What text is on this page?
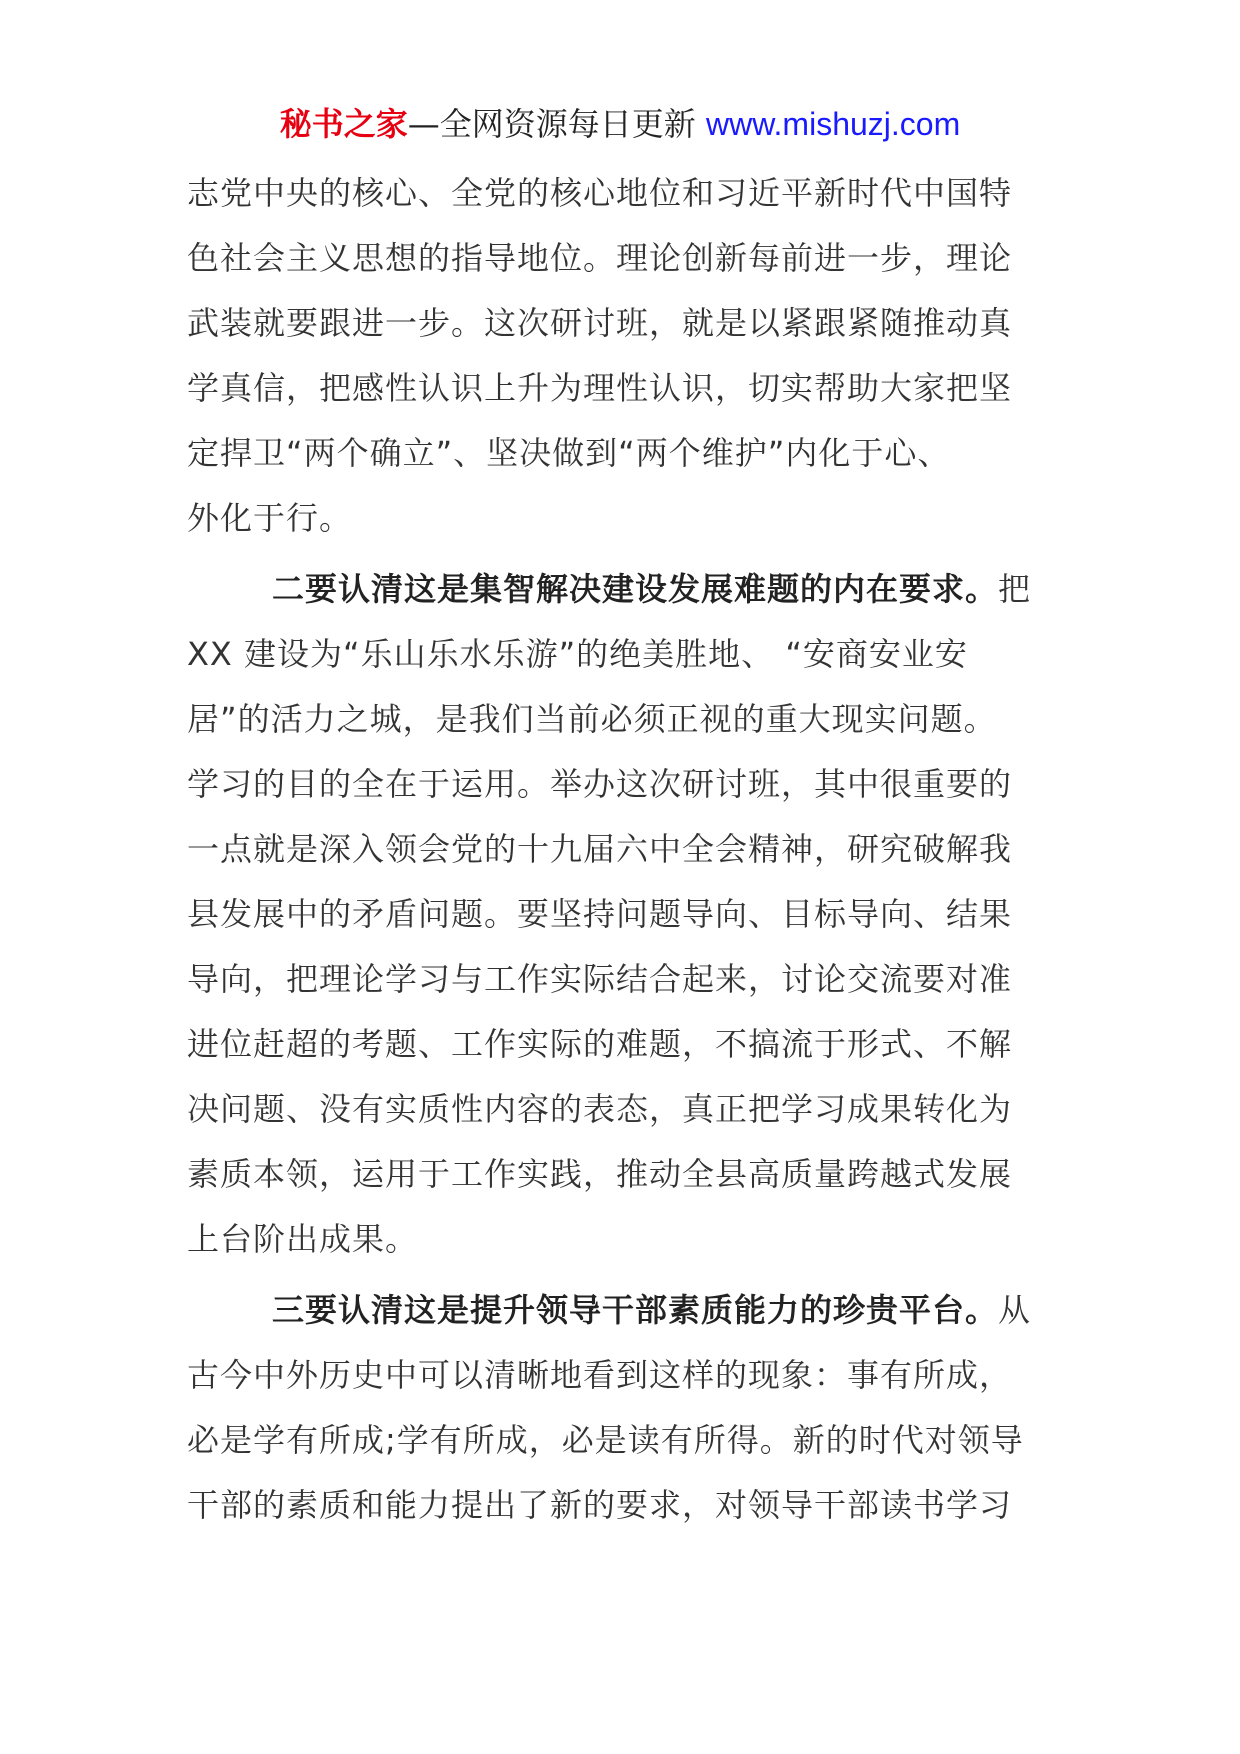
秘书之家—全网资源每日更新 www.mishuzj.com
志党中央的核心、全党的核心地位和习近平新时代中国特
色社会主义思想的指导地位。理论创新每前进一步，理论
武装就要跟进一步。这次研讨班，就是以紧跟紧随推动真
学真信，把感性认识上升为理性认识，切实帮助大家把坚
定捍卫“两个确立”、坚决做到“两个维护”内化于心、
外化于行。
二要认清这是集智解决建设发展难题的内在要求。把
XX 建设为“乐山乐水乐游”的绝美胜地、 “安商安业安
居”的活力之城，是我们当前必须正视的重大现实问题。
学习的目的全在于运用。举办这次研讨班，其中很重要的
一点就是深入领会党的十九届六中全会精神，研究破解我
县发展中的矛盾问题。要坚持问题导向、目标导向、结果
导向，把理论学习与工作实际结合起来，讨论交流要对准
进位赶超的考题、工作实际的难题，不搞流于形式、不解
决问题、没有实质性内容的表态，真正把学习成果转化为
素质本领，运用于工作实践，推动全县高质量跨越式发展
上台阶出成果。
三要认清这是提升领导干部素质能力的珍贵平台。从
古今中外历史中可以清晰地看到这样的现象：事有所成，
必是学有所成;学有所成，必是读有所得。新的时代对领导
干部的素质和能力提出了新的要求，对领导干部读书学习
